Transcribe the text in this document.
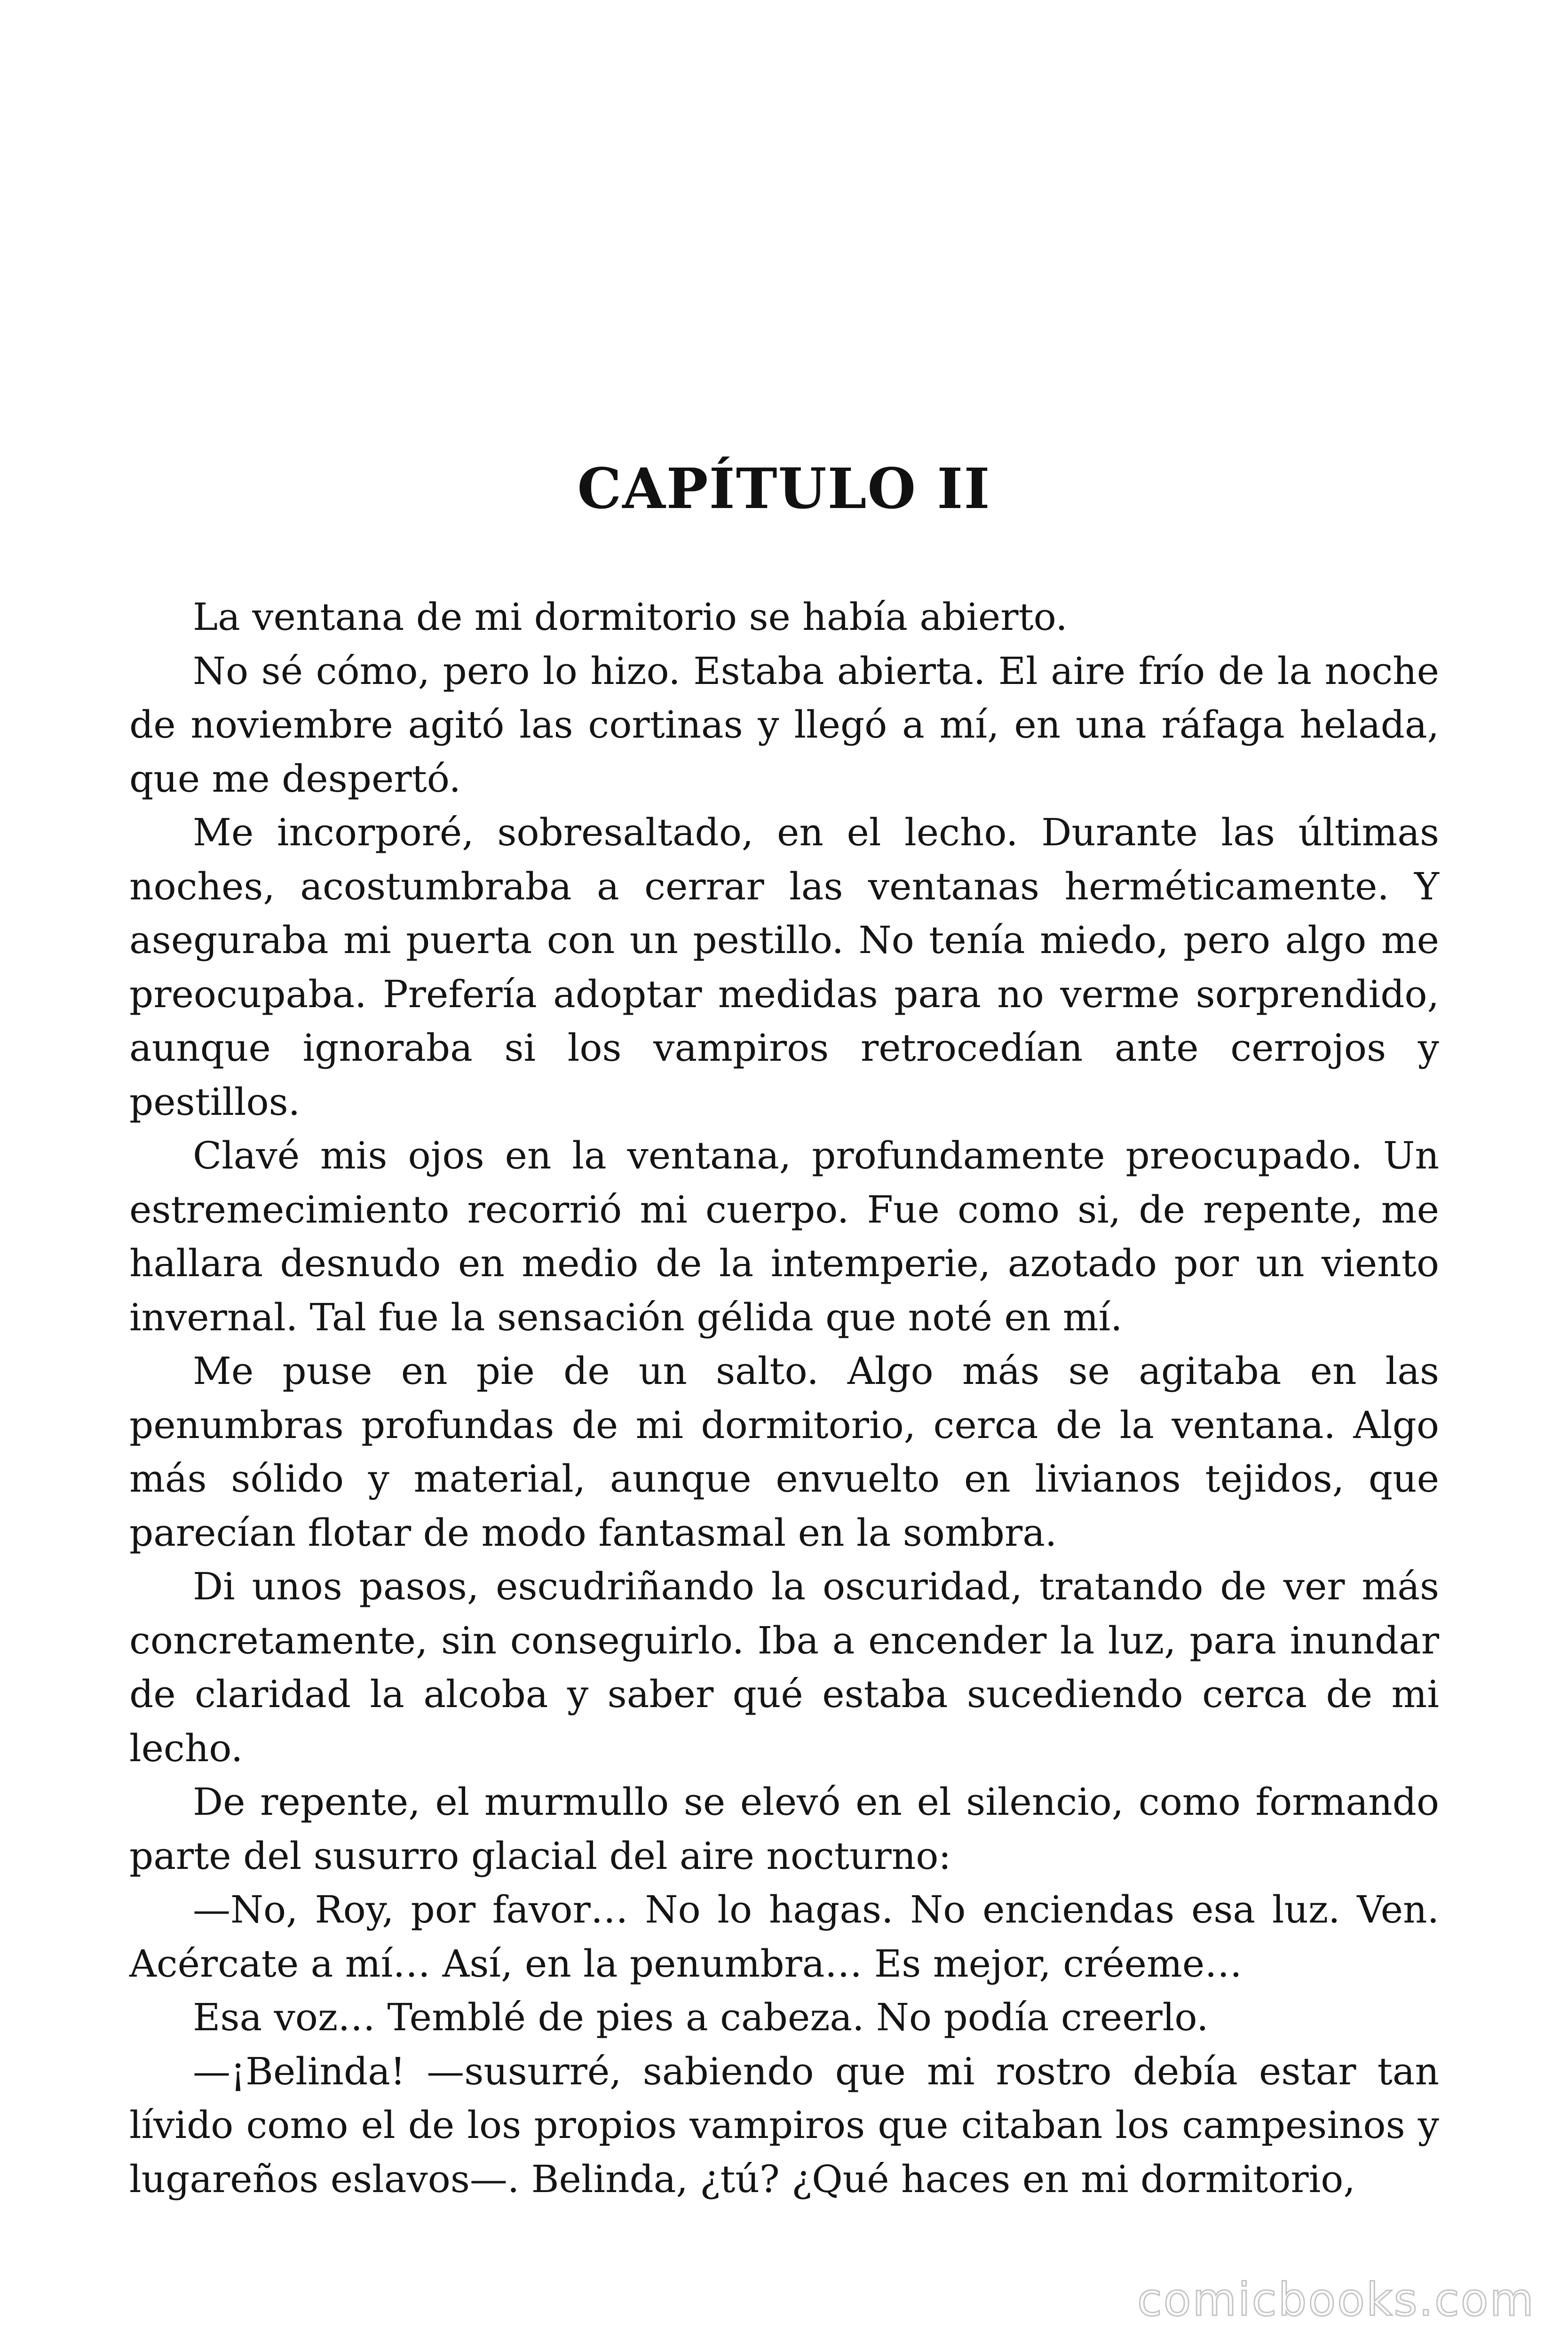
CAPÍTULO II

La ventana de mi dormitorio se había abierto.

No sé cómo, pero lo hizo. Estaba abierta. El aire frío de la noche de noviembre agitó las cortinas y llegó a mí, en una ráfaga helada, que me despertó.

Me incorporé, sobresaltado, en el lecho. Durante las últimas noches, acostumbraba a cerrar las ventanas herméticamente. Y aseguraba mi puerta con un pestillo. No tenía miedo, pero algo me preocupaba. Prefería adoptar medidas para no verme sorprendido, aunque ignoraba si los vampiros retrocedían ante cerrojos y pestillos.

Clavé mis ojos en la ventana, profundamente preocupado. Un estremecimiento recorrió mi cuerpo. Fue como si, de repente, me hallara desnudo en medio de la intemperie, azotado por un viento invernal. Tal fue la sensación gélida que noté en mí.

Me puse en pie de un salto. Algo más se agitaba en las penumbras profundas de mi dormitorio, cerca de la ventana. Algo más sólido y material, aunque envuelto en livianos tejidos, que parecían flotar de modo fantasmal en la sombra.

Di unos pasos, escudriñando la oscuridad, tratando de ver más concretamente, sin conseguirlo. Iba a encender la luz, para inundar de claridad la alcoba y saber qué estaba sucediendo cerca de mi lecho.

De repente, el murmullo se elevó en el silencio, como formando parte del susurro glacial del aire nocturno:

—No, Roy, por favor… No lo hagas. No enciendas esa luz. Ven. Acércate a mí… Así, en la penumbra… Es mejor, créeme…

Esa voz… Temblé de pies a cabeza. No podía creerlo.

—¡Belinda! —susurré, sabiendo que mi rostro debía estar tan lívido como el de los propios vampiros que citaban los campesinos y lugareños eslavos—. Belinda, ¿tú? ¿Qué haces en mi dormitorio,

comicbooks.com
